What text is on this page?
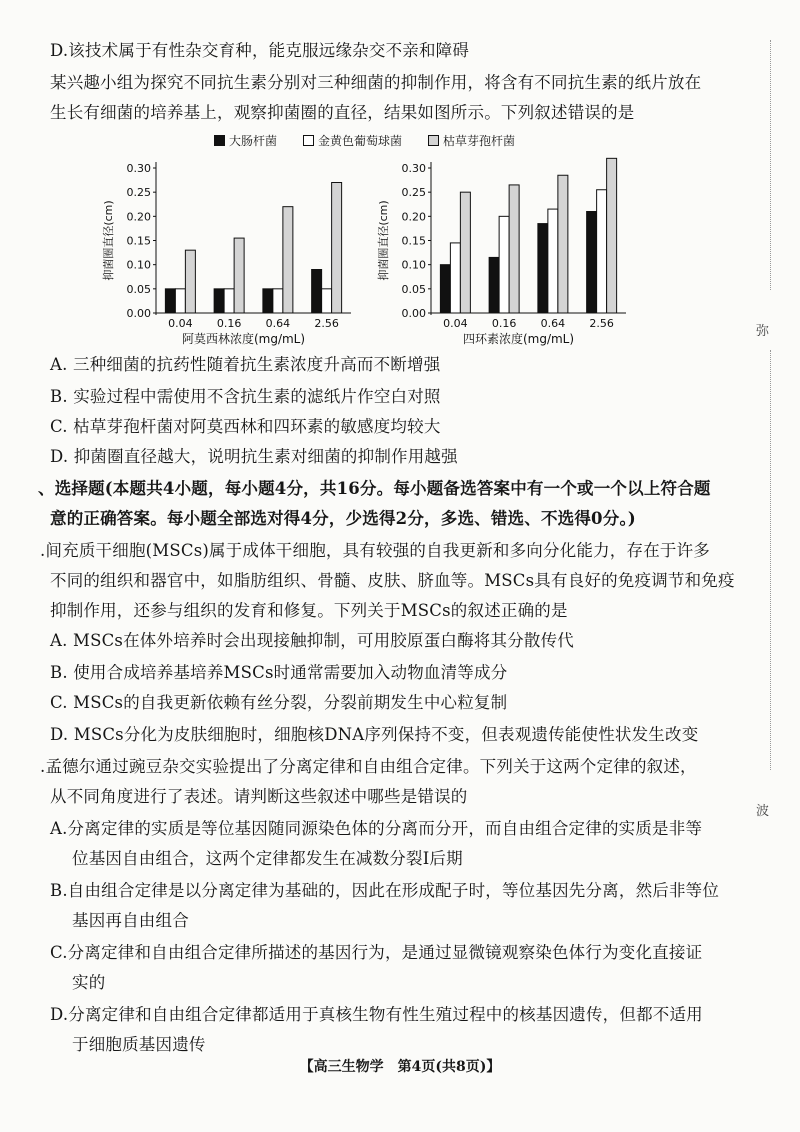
D.该技术属于有性杂交育种，能克服远缘杂交不亲和障碍
某兴趣小组为探究不同抗生素分别对三种细菌的抑制作用，将含有不同抗生素的纸片放在
生长有细菌的培养基上，观察抑菌圈的直径，结果如图所示。下列叙述错误的是
大肠杆菌	金黄色葡萄球菌	枯草芽孢杆菌
0.00
0.05
0.10
0.15
0.20
0.25
0.30
抑菌圈直径(cm)
0.04 0.16 0.64 2.56
阿莫西林浓度(mg/mL)
0.00
0.05
0.10
0.15
0.20
0.25
0.30
抑菌圈直径(cm)
0.04 0.16 0.64 2.56
四环素浓度(mg/mL)
A. 三种细菌的抗药性随着抗生素浓度升高而不断增强
B. 实验过程中需使用不含抗生素的滤纸片作空白对照
C. 枯草芽孢杆菌对阿莫西林和四环素的敏感度均较大
D. 抑菌圈直径越大，说明抗生素对细菌的抑制作用越强
、选择题(本题共4小题，每小题4分，共16分。每小题备选答案中有一个或一个以上符合题
意的正确答案。每小题全部选对得4分，少选得2分，多选、错选、不选得0分。)
.间充质干细胞(MSCs)属于成体干细胞，具有较强的自我更新和多向分化能力，存在于许多
不同的组织和器官中，如脂肪组织、骨髓、皮肤、脐血等。MSCs具有良好的免疫调节和免疫
抑制作用，还参与组织的发育和修复。下列关于MSCs的叙述正确的是
A. MSCs在体外培养时会出现接触抑制，可用胶原蛋白酶将其分散传代
B. 使用合成培养基培养MSCs时通常需要加入动物血清等成分
C. MSCs的自我更新依赖有丝分裂，分裂前期发生中心粒复制
D. MSCs分化为皮肤细胞时，细胞核DNA序列保持不变，但表观遗传能使性状发生改变
.孟德尔通过豌豆杂交实验提出了分离定律和自由组合定律。下列关于这两个定律的叙述，
从不同角度进行了表述。请判断这些叙述中哪些是错误的
A.分离定律的实质是等位基因随同源染色体的分离而分开，而自由组合定律的实质是非等
位基因自由组合，这两个定律都发生在减数分裂Ⅰ后期
B.自由组合定律是以分离定律为基础的，因此在形成配子时，等位基因先分离，然后非等位
基因再自由组合
C.分离定律和自由组合定律所描述的基因行为，是通过显微镜观察染色体行为变化直接证
实的
D.分离定律和自由组合定律都适用于真核生物有性生殖过程中的核基因遗传，但都不适用
于细胞质基因遗传
【高三生物学　第4页(共8页)】
弥
波
